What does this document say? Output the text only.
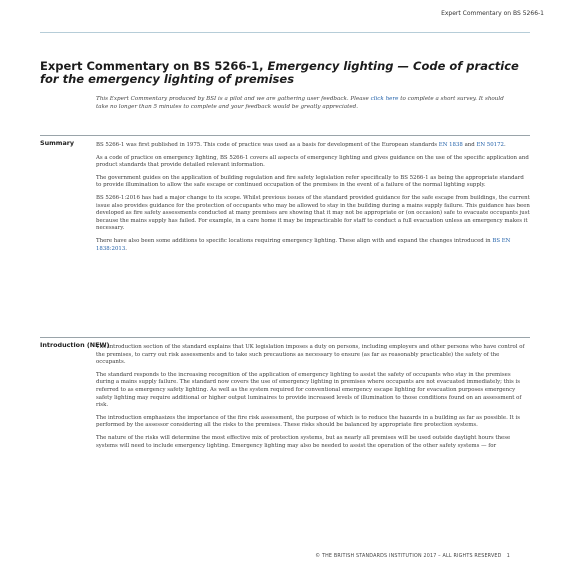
Expert Commentary on BS 5266-1
Expert Commentary on BS 5266-1, Emergency lighting — Code of practice for the emergency lighting of premises
This Expert Commentary produced by BSI is a pilot and we are gathering user feedback. Please click here to complete a short survey. It should take no longer than 5 minutes to complete and your feedback would be greatly appreciated.
Summary	BS 5266-1 was first published in 1975. This code of practice was used as a basis for development of the European standards EN 1838 and EN 50172.

As a code of practice on emergency lighting, BS 5266-1 covers all aspects of emergency lighting and gives guidance on the use of the specific application and product standards that provide detailed relevant information.

The government guides on the application of building regulation and fire safety legislation refer specifically to BS 5266-1 as being the appropriate standard to provide illumination to allow the safe escape or continued occupation of the premises in the event of a failure of the normal lighting supply.

BS 5266-1:2016 has had a major change to its scope. Whilst previous issues of the standard provided guidance for the safe escape from buildings, the current issue also provides guidance for the protection of occupants who may be allowed to stay in the building during a mains supply failure. This guidance has been developed as fire safety assessments conducted at many premises are showing that it may not be appropriate or (on occasion) safe to evacuate occupants just because the mains supply has failed. For example, in a care home it may be impracticable for staff to conduct a full evacuation unless an emergency makes it necessary.

There have also been some additions to specific locations requiring emergency lighting. These align with and expand the changes introduced in BS EN 1838:2013.

Introduction (NEW)

The introduction section of the standard explains that UK legislation imposes a duty on persons, including employers and other persons who have control of the premises, to carry out risk assessments and to take such precautions as necessary to ensure (as far as reasonably practicable) the safety of the occupants.

The standard responds to the increasing recognition of the application of emergency lighting to assist the safety of occupants who stay in the premises during a mains supply failure. The standard now covers the use of emergency lighting in premises where occupants are not evacuated immediately; this is referred to as emergency safety lighting. As well as the system required for conventional emergency escape lighting for evacuation purposes emergency safety lighting may require additional or higher output luminaires to provide increased levels of illumination to those conditions found on an assessment of risk.

The introduction emphasizes the importance of the fire risk assessment, the purpose of which is to reduce the hazards in a building as far as possible. It is performed by the assessor considering all the risks to the premises. These risks should be balanced by appropriate fire protection systems.

The nature of the risks will determine the most effective mix of protection systems, but as nearly all premises will be used outside daylight hours these systems will need to include emergency lighting. Emergency lighting may also be needed to assist the operation of the other safety systems — for

© THE BRITISH STANDARDS INSTITUTION 2017 – ALL RIGHTS RESERVED 1
